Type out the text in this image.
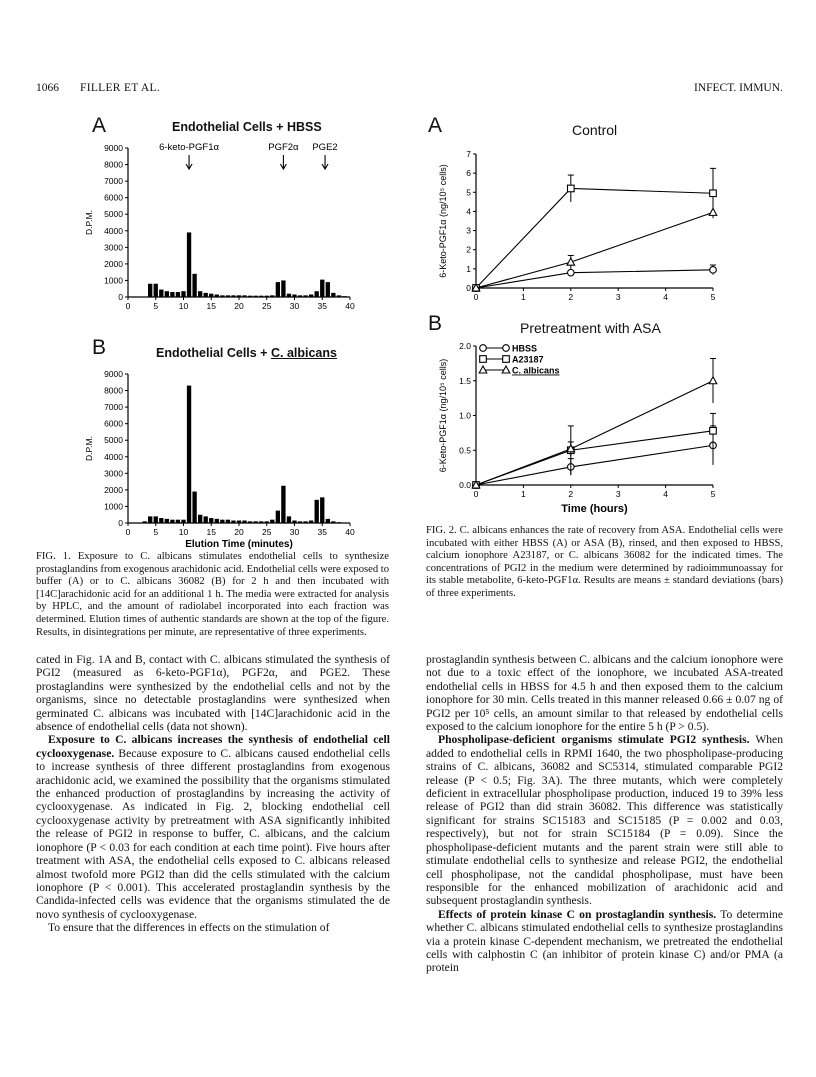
1066 FILLER ET AL.	INFECT. IMMUN.
A	Endothelial Cells + HBSS
6-keto-PGF1α	PGF2α PGE2
0
1000
2000
3000
4000
5000
6000
7000
8000
9000
0	5 10 15 20 25 30 35 40
D.P.M.
B	Endothelial Cells + C. albicans
0
1000
2000
3000
4000
5000
6000
7000
8000
9000
0	5 10 15 20 25 30 35 40
D.P.M.
Elution Time (minutes)
FIG. 1. Exposure to C. albicans stimulates endothelial cells to synthesize prostaglandins from exogenous arachidonic acid. Endothelial cells were exposed to buffer (A) or to C. albicans 36082 (B) for 2 h and then incubated with [14C]arachidonic acid for an additional 1 h. The media were extracted for analysis by HPLC, and the amount of radiolabel incorporated into each fraction was determined. Elution times of authentic standards are shown at the top of the figure. Results, in disintegrations per minute, are representative of three experiments.
A	Control
0
1
2
3
4
5
6
7
0	1	2	3	4	5
6-Keto-PGF1α (ng/10⁵ cells)
B	Pretreatment with ASA
HBSS
A23187
C. albicans
0.0
0.5
1.0
1.5
2.0
0	1	2	3	4	5
6-Keto-PGF1α (ng/10⁵ cells)
Time (hours)
FIG. 2. C. albicans enhances the rate of recovery from ASA. Endothelial cells were incubated with either HBSS (A) or ASA (B), rinsed, and then exposed to HBSS, calcium ionophore A23187, or C. albicans 36082 for the indicated times. The concentrations of PGI2 in the medium were determined by radioimmunoassay for its stable metabolite, 6-keto-PGF1α. Results are means ± standard deviations (bars) of three experiments.

cated in Fig. 1A and B, contact with C. albicans stimulated the synthesis of PGI2 (measured as 6-keto-PGF1α), PGF2α, and PGE2. These prostaglandins were synthesized by the endothelial cells and not by the organisms, since no detectable prostaglandins were synthesized when germinated C. albicans was incubated with [14C]arachidonic acid in the absence of endothelial cells (data not shown).

Exposure to C. albicans increases the synthesis of endothelial cell cyclooxygenase. Because exposure to C. albicans caused endothelial cells to increase synthesis of three different prostaglandins from exogenous arachidonic acid, we examined the possibility that the organisms stimulated the enhanced production of prostaglandins by increasing the activity of cyclooxygenase. As indicated in Fig. 2, blocking endothelial cell cyclooxygenase activity by pretreatment with ASA significantly inhibited the release of PGI2 in response to buffer, C. albicans, and the calcium ionophore (P < 0.03 for each condition at each time point). Five hours after treatment with ASA, the endothelial cells exposed to C. albicans released almost twofold more PGI2 than did the cells stimulated with the calcium ionophore (P < 0.001). This accelerated prostaglandin synthesis by the Candida-infected cells was evidence that the organisms stimulated the de novo synthesis of cyclooxygenase.

To ensure that the differences in effects on the stimulation of

prostaglandin synthesis between C. albicans and the calcium ionophore were not due to a toxic effect of the ionophore, we incubated ASA-treated endothelial cells in HBSS for 4.5 h and then exposed them to the calcium ionophore for 30 min. Cells treated in this manner released 0.66 ± 0.07 ng of PGI2 per 10⁵ cells, an amount similar to that released by endothelial cells exposed to the calcium ionophore for the entire 5 h (P > 0.5).

Phospholipase-deficient organisms stimulate PGI2 synthesis. When added to endothelial cells in RPMI 1640, the two phospholipase-producing strains of C. albicans, 36082 and SC5314, stimulated comparable PGI2 release (P < 0.5; Fig. 3A). The three mutants, which were completely deficient in extracellular phospholipase production, induced 19 to 39% less release of PGI2 than did strain 36082. This difference was statistically significant for strains SC15183 and SC15185 (P = 0.002 and 0.03, respectively), but not for strain SC15184 (P = 0.09). Since the phospholipase-deficient mutants and the parent strain were still able to stimulate endothelial cells to synthesize and release PGI2, the endothelial cell phospholipase, not the candidal phospholipase, must have been responsible for the enhanced mobilization of arachidonic acid and subsequent prostaglandin synthesis.

Effects of protein kinase C on prostaglandin synthesis. To determine whether C. albicans stimulated endothelial cells to synthesize prostaglandins via a protein kinase C-dependent mechanism, we pretreated the endothelial cells with calphostin C (an inhibitor of protein kinase C) and/or PMA (a protein
